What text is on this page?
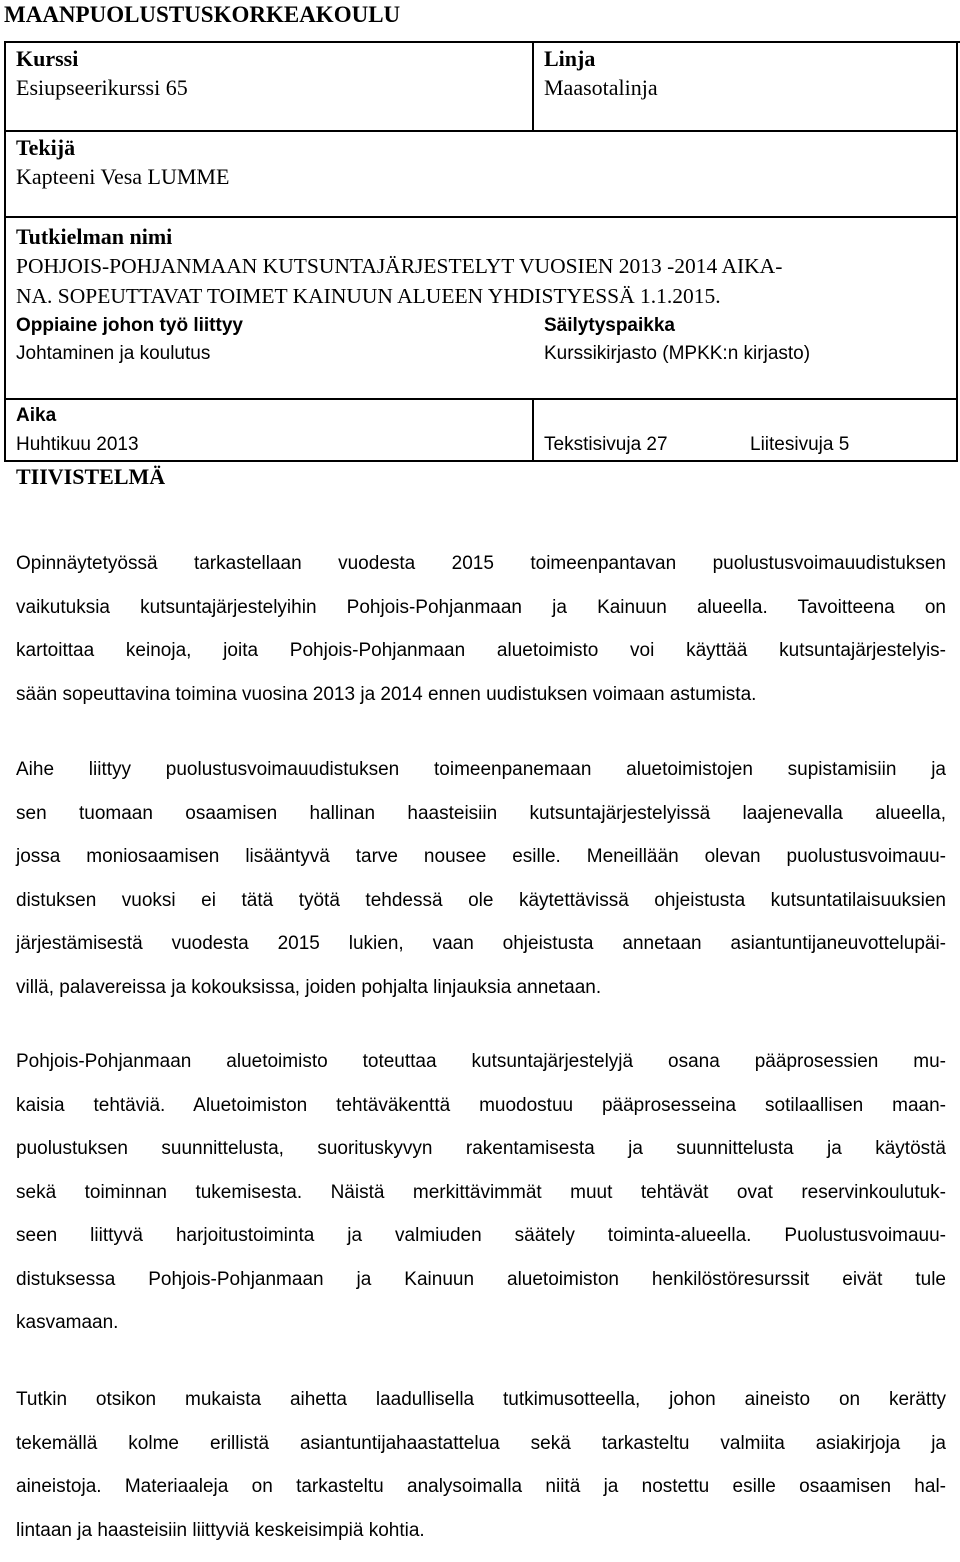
MAANPUOLUSTUSKORKEAKOULU
Kurssi
Esiupseerikurssi 65
Linja
Maasotalinja
Tekijä
Kapteeni Vesa LUMME
Tutkielman nimi
POHJOIS-POHJANMAAN KUTSUNTAJÄRJESTELYT VUOSIEN 2013 -2014 AIKA-
NA. SOPEUTTAVAT TOIMET KAINUUN ALUEEN YHDISTYESSÄ 1.1.2015.
Oppiaine johon työ liittyy
Johtaminen ja koulutus
Säilytyspaikka
Kurssikirjasto (MPKK:n kirjasto)
Aika
Huhtikuu 2013	Tekstisivuja 27	Liitesivuja 5
TIIVISTELMÄ
Opinnäytetyössä tarkastellaan vuodesta 2015 toimeenpantavan puolustusvoimauudistuksen
vaikutuksia kutsuntajärjestelyihin Pohjois-Pohjanmaan ja Kainuun alueella. Tavoitteena on
kartoittaa keinoja, joita Pohjois-Pohjanmaan aluetoimisto voi käyttää kutsuntajärjestelyis-
sään sopeuttavina toimina vuosina 2013 ja 2014 ennen uudistuksen voimaan astumista.
Aihe liittyy puolustusvoimauudistuksen toimeenpanemaan aluetoimistojen supistamisiin ja
sen tuomaan osaamisen hallinan haasteisiin kutsuntajärjestelyissä laajenevalla alueella,
jossa moniosaamisen lisääntyvä tarve nousee esille. Meneillään olevan puolustusvoimauu-
distuksen vuoksi ei tätä työtä tehdessä ole käytettävissä ohjeistusta kutsuntatilaisuuksien
järjestämisestä vuodesta 2015 lukien, vaan ohjeistusta annetaan asiantuntijaneuvottelupäi-
villä, palavereissa ja kokouksissa, joiden pohjalta linjauksia annetaan.
Pohjois-Pohjanmaan aluetoimisto toteuttaa kutsuntajärjestelyjä osana pääprosessien mu-
kaisia tehtäviä. Aluetoimiston tehtäväkenttä muodostuu pääprosesseina sotilaallisen maan-
puolustuksen suunnittelusta, suorituskyvyn rakentamisesta ja suunnittelusta ja käytöstä
sekä toiminnan tukemisesta. Näistä merkittävimmät muut tehtävät ovat reservinkoulutuk-
seen liittyvä harjoitustoiminta ja valmiuden säätely toiminta-alueella. Puolustusvoimauu-
distuksessa Pohjois-Pohjanmaan ja Kainuun aluetoimiston henkilöstöresurssit eivät tule
kasvamaan.
Tutkin otsikon mukaista aihetta laadullisella tutkimusotteella, johon aineisto on kerätty
tekemällä kolme erillistä asiantuntijahaastattelua sekä tarkasteltu valmiita asiakirjoja ja
aineistoja. Materiaaleja on tarkasteltu analysoimalla niitä ja nostettu esille osaamisen hal-
lintaan ja haasteisiin liittyviä keskeisimpiä kohtia.
